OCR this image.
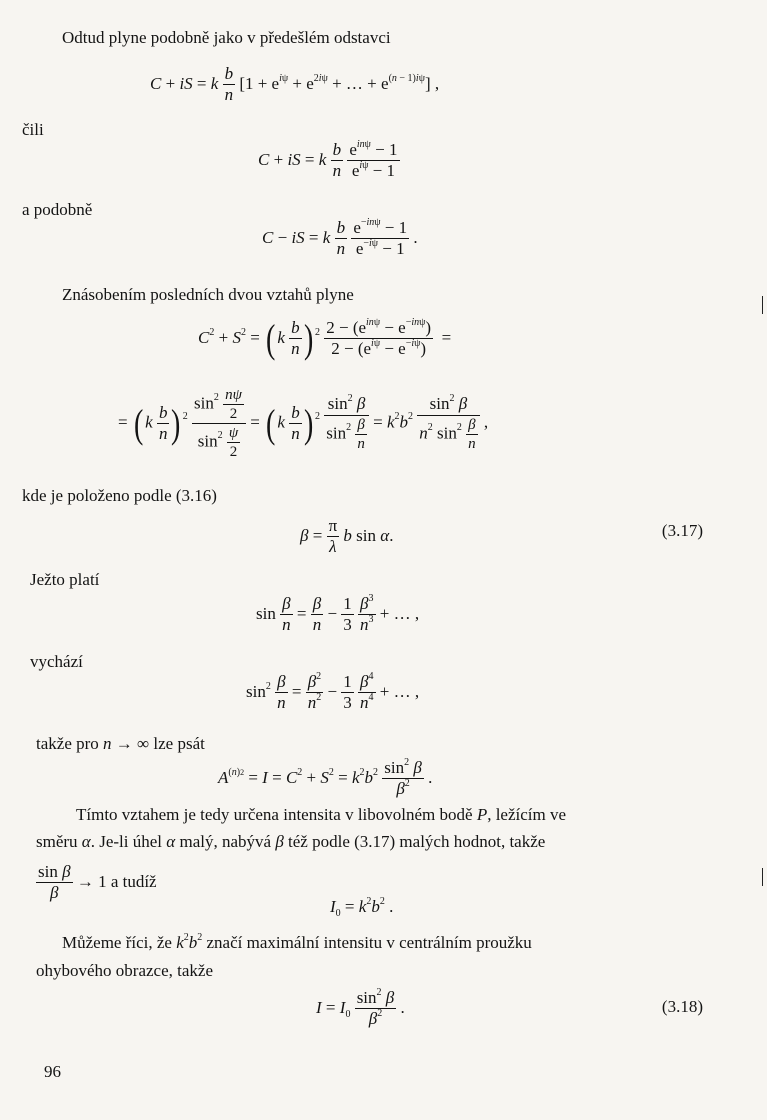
Odtud plyne podobně jako v předešlém odstavci
C + iS = k $\frac{b}{n} [1 + e^{i\psi} + e^{2i\psi}$ + … + $e^{(n - 1)i\psi}$] ,
čili
C + iS = k $\frac{b}{n}$
$\frac{e^{in\psi} - 1}{e^{i\psi} - 1}$
a podobně
C − iS = k $\frac{b}{n}$
$\frac{e^{-in\psi} - 1}{e^{-i\psi} - 1}$ .
Znásobením posledních dvou vztahů plyne
$C^2 + S^2$ = ( k $\frac{b}{n}$ ) $^2 \frac{2 - (e^{in\psi} - e^{-in\psi})}{2 - (e^{i\psi} - e^{-i\psi})}$ =
= ( k $\frac{b}{n}$ ) $^2 \frac{\sin^2 \frac{n\psi}{2}}{\sin^2 \frac{\psi}{2}}$ = ( k $\frac{b}{n}$ ) $^2 \frac{\sin^2 \beta}{\sin^2 \frac{\beta}{n}} = k^2b^2 \frac{\sin^2 \beta}{n^2 \sin^2 \frac{\beta}{n}}$ ,
kde je položeno podle (3.16)
$\beta = \frac{\pi}{\lambda}$ b sin α.	(3.17)
Ježto platí
$\sin \frac{\beta}{n} = \frac{\beta}{n} - \frac{1}{3}$
$\frac{\beta^3}{n^3}$ + … ,
vychází
$\sin^2 \frac{\beta}{n} = \frac{\beta^2}{n^2} - \frac{1}{3}$
$\frac{\beta^4}{n^4}$ + … ,
takže pro n → ∞ lze psát
$A^{(n)2} = I = C^2 + S^2 = k^2b^2 \frac{\sin^2 \beta}{\beta^2}$ .
Tímto vztahem je tedy určena intensita v libovolném bodě P, ležícím ve
směru α. Je-li úhel α malý, nabývá β též podle (3.17) malých hodnot, takže
$\frac{\text{sin β}}{\beta} \to 1$ a tudíž
$I_0 = k^2b^2$ .
Můžeme říci, že $k^2b^2$ značí maximální intensitu v centrálním proužku
ohybového obrazce, takže
$I = I_0 \frac{\sin^2 \beta}{\beta^2}$ .	(3.18)
96
